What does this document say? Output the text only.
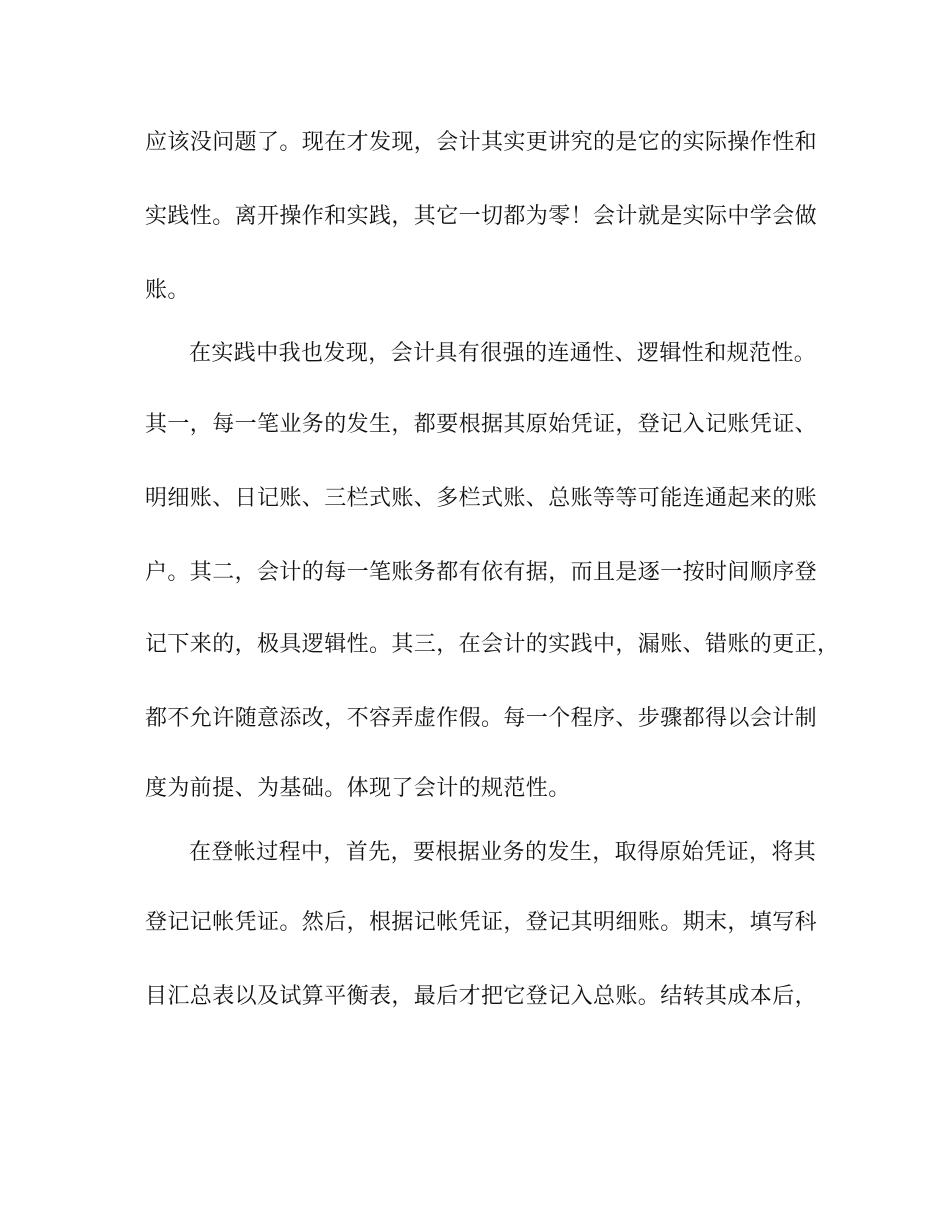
应该没问题了。现在才发现，会计其实更讲究的是它的实际操作性和
实践性。离开操作和实践，其它一切都为零！会计就是实际中学会做
账。
在实践中我也发现，会计具有很强的连通性、逻辑性和规范性。
其一，每一笔业务的发生，都要根据其原始凭证，登记入记账凭证、
明细账、日记账、三栏式账、多栏式账、总账等等可能连通起来的账
户。其二，会计的每一笔账务都有依有据，而且是逐一按时间顺序登
记下来的，极具逻辑性。其三，在会计的实践中，漏账、错账的更正，
都不允许随意添改，不容弄虚作假。每一个程序、步骤都得以会计制
度为前提、为基础。体现了会计的规范性。
在登帐过程中，首先，要根据业务的发生，取得原始凭证，将其
登记记帐凭证。然后，根据记帐凭证，登记其明细账。期末，填写科
目汇总表以及试算平衡表，最后才把它登记入总账。结转其成本后，
